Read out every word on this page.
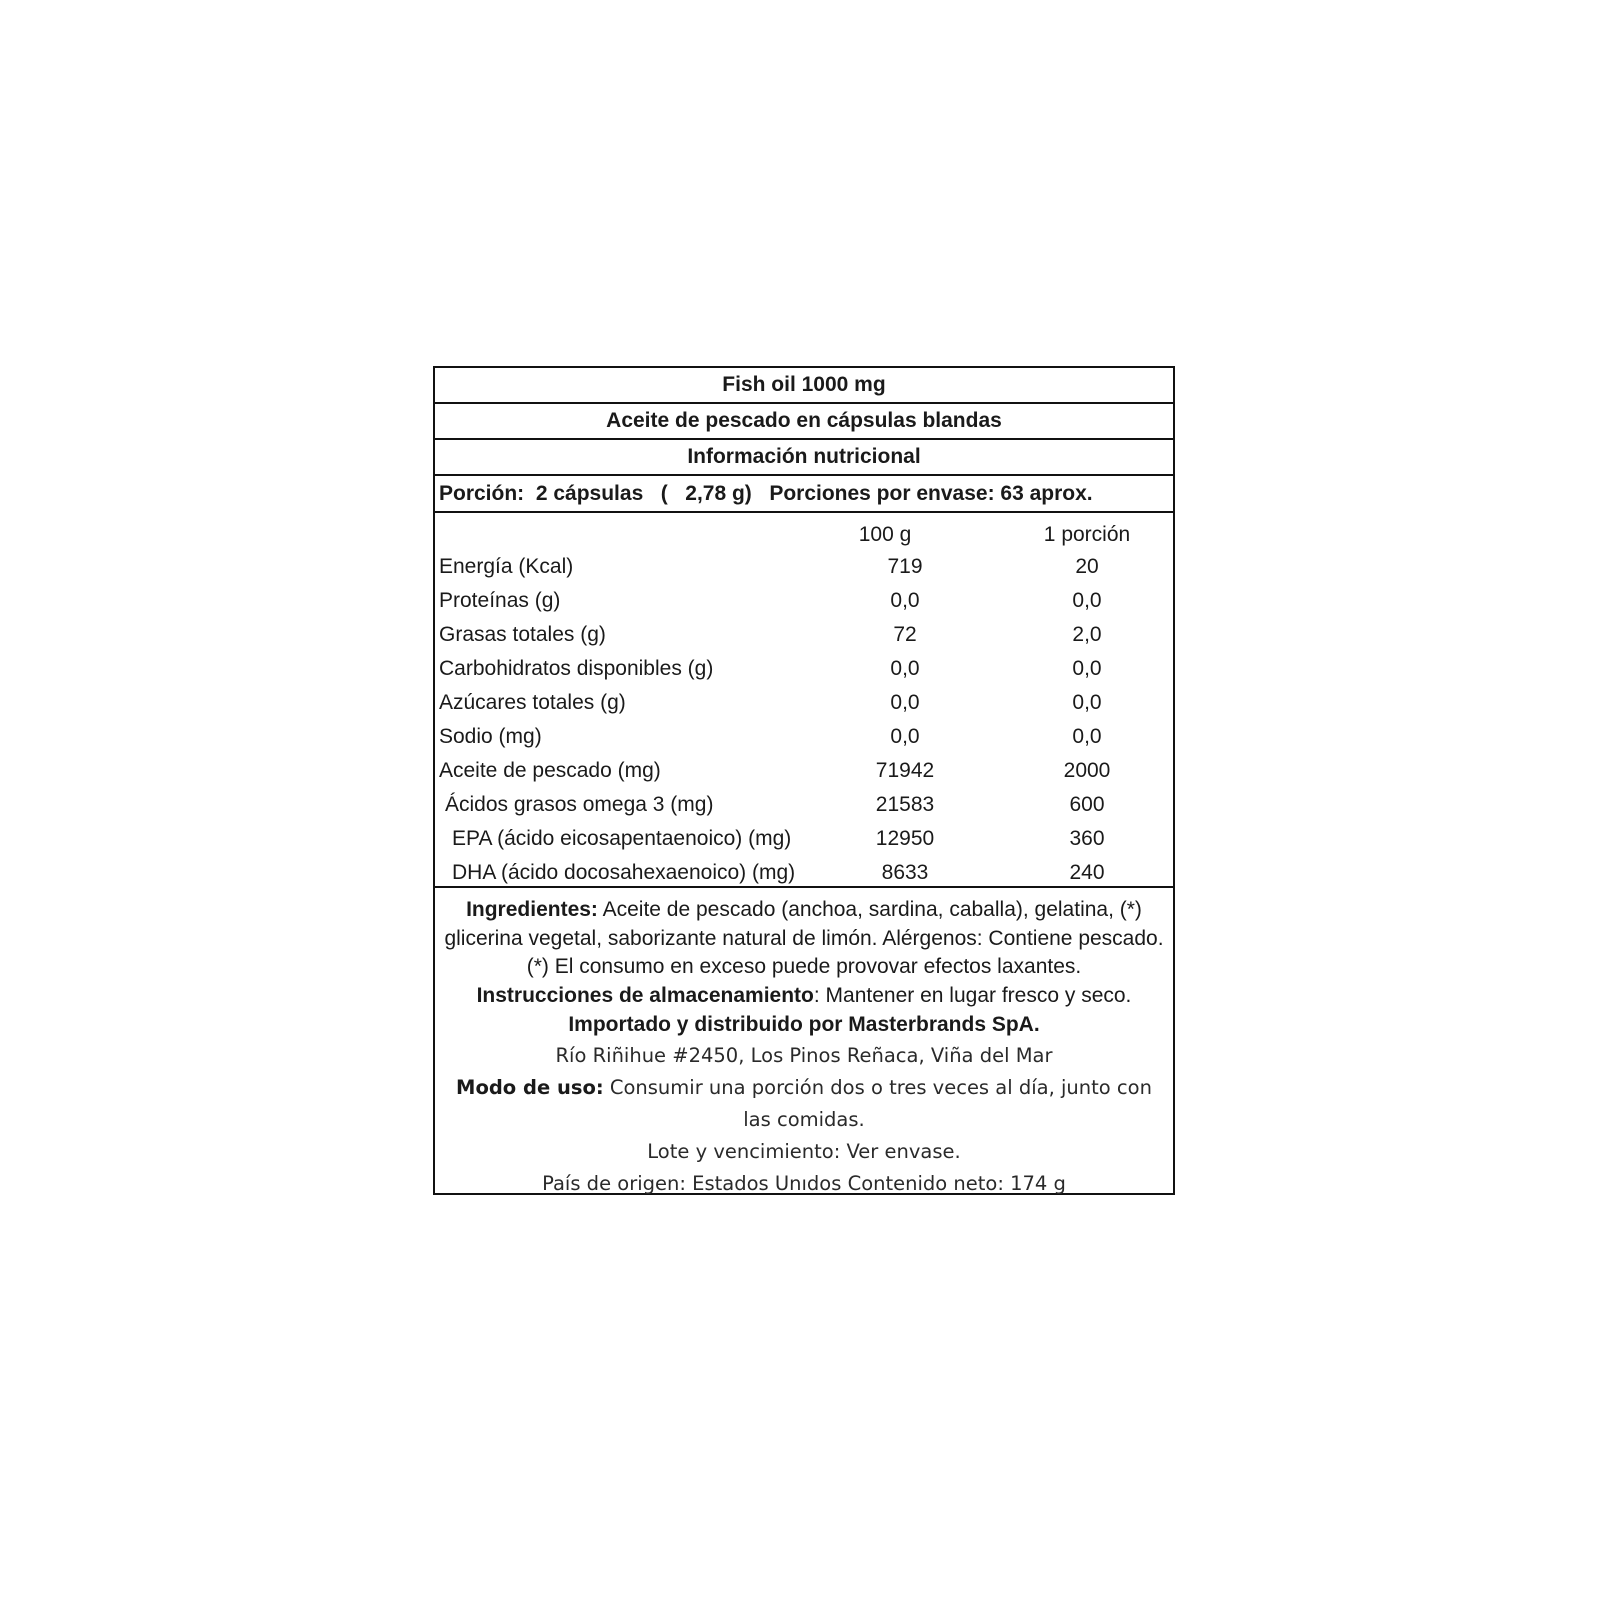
Fish oil 1000 mg
Aceite de pescado en cápsulas blandas
Información nutricional
Porción:
2 cápsulas
(   2,78 g)
Porciones por envase: 63 aprox.
100 g	1 porción
Energía (Kcal)	719	20
Proteínas (g)	0,0	0,0
Grasas totales (g)	72	2,0
Carbohidratos disponibles (g)	0,0	0,0
Azúcares totales (g)	0,0	0,0
Sodio (mg)	0,0	0,0
Aceite de pescado (mg)	71942	2000
Ácidos grasos omega 3 (mg)	21583	600
EPA (ácido eicosapentaenoico) (mg)	12950	360
DHA (ácido docosahexaenoico) (mg)	8633	240

Ingredientes: Aceite de pescado (anchoa, sardina, caballa), gelatina, (*) glicerina vegetal, saborizante natural de limón. Alérgenos: Contiene pescado. (*) El consumo en exceso puede provovar efectos laxantes.

Instrucciones de almacenamiento: Mantener en lugar fresco y seco.

Importado y distribuido por Masterbrands SpA.

Río Riñihue #2450, Los Pinos Reñaca, Viña del Mar

Modo de uso: Consumir una porción dos o tres veces al día, junto con las comidas.

Lote y vencimiento: Ver envase.

País de origen: Estados Unıdos Contenido neto: 174 g
